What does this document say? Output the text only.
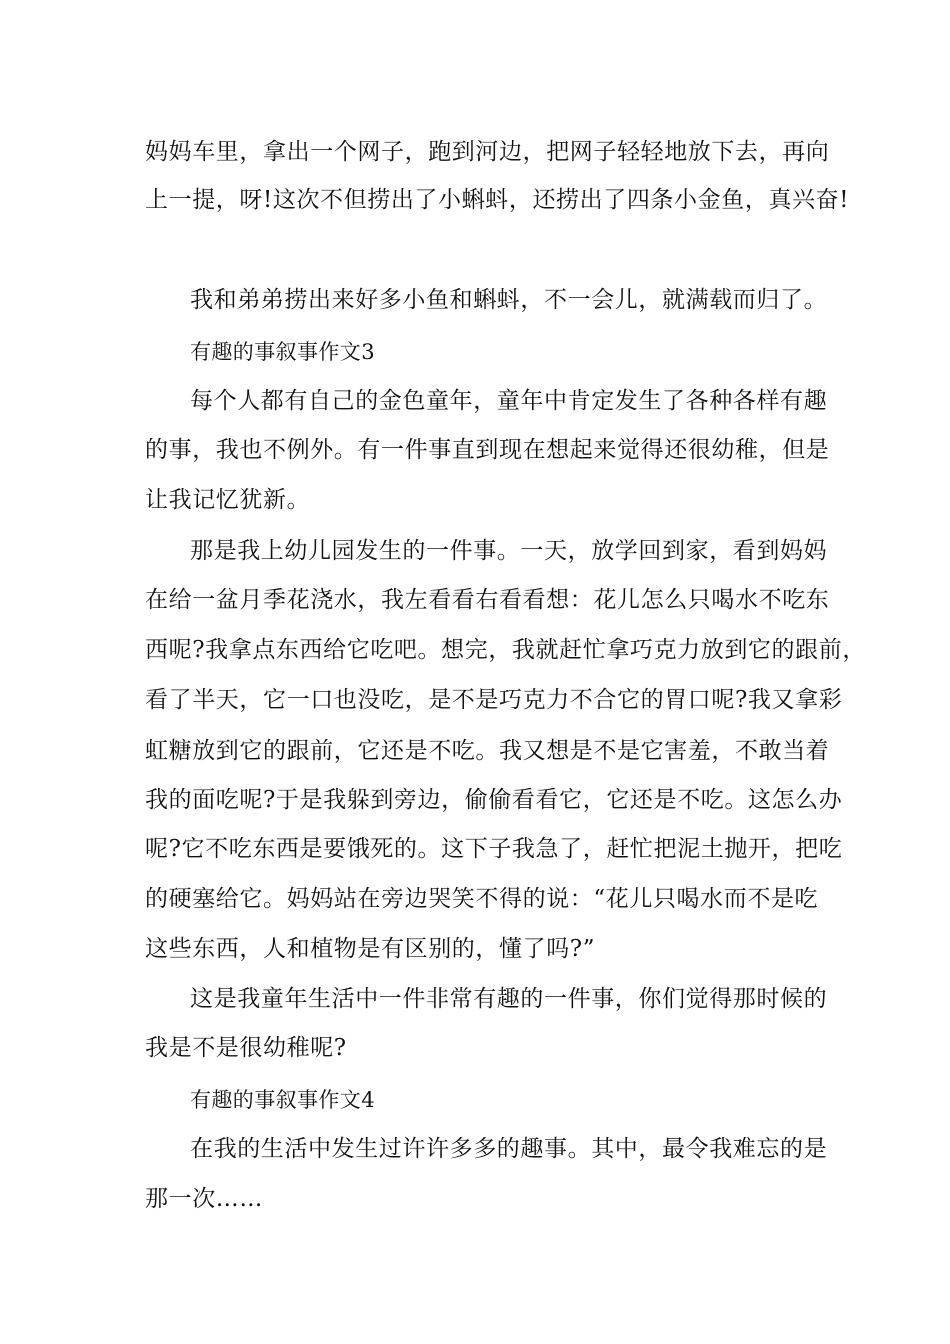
妈妈车里，拿出一个网子，跑到河边，把网子轻轻地放下去，再向
上一提，呀!这次不但捞出了小蝌蚪，还捞出了四条小金鱼，真兴奋!
我和弟弟捞出来好多小鱼和蝌蚪，不一会儿，就满载而归了。
有趣的事叙事作文3
每个人都有自己的金色童年，童年中肯定发生了各种各样有趣
的事，我也不例外。有一件事直到现在想起来觉得还很幼稚，但是
让我记忆犹新。
那是我上幼儿园发生的一件事。一天，放学回到家，看到妈妈
在给一盆月季花浇水，我左看看右看看想：花儿怎么只喝水不吃东
西呢?我拿点东西给它吃吧。想完，我就赶忙拿巧克力放到它的跟前，
看了半天，它一口也没吃，是不是巧克力不合它的胃口呢?我又拿彩
虹糖放到它的跟前，它还是不吃。我又想是不是它害羞，不敢当着
我的面吃呢?于是我躲到旁边，偷偷看看它，它还是不吃。这怎么办
呢?它不吃东西是要饿死的。这下子我急了，赶忙把泥土抛开，把吃
的硬塞给它。妈妈站在旁边哭笑不得的说：“花儿只喝水而不是吃
这些东西，人和植物是有区别的，懂了吗?”
这是我童年生活中一件非常有趣的一件事，你们觉得那时候的
我是不是很幼稚呢?
有趣的事叙事作文4
在我的生活中发生过许许多多的趣事。其中，最令我难忘的是
那一次……
